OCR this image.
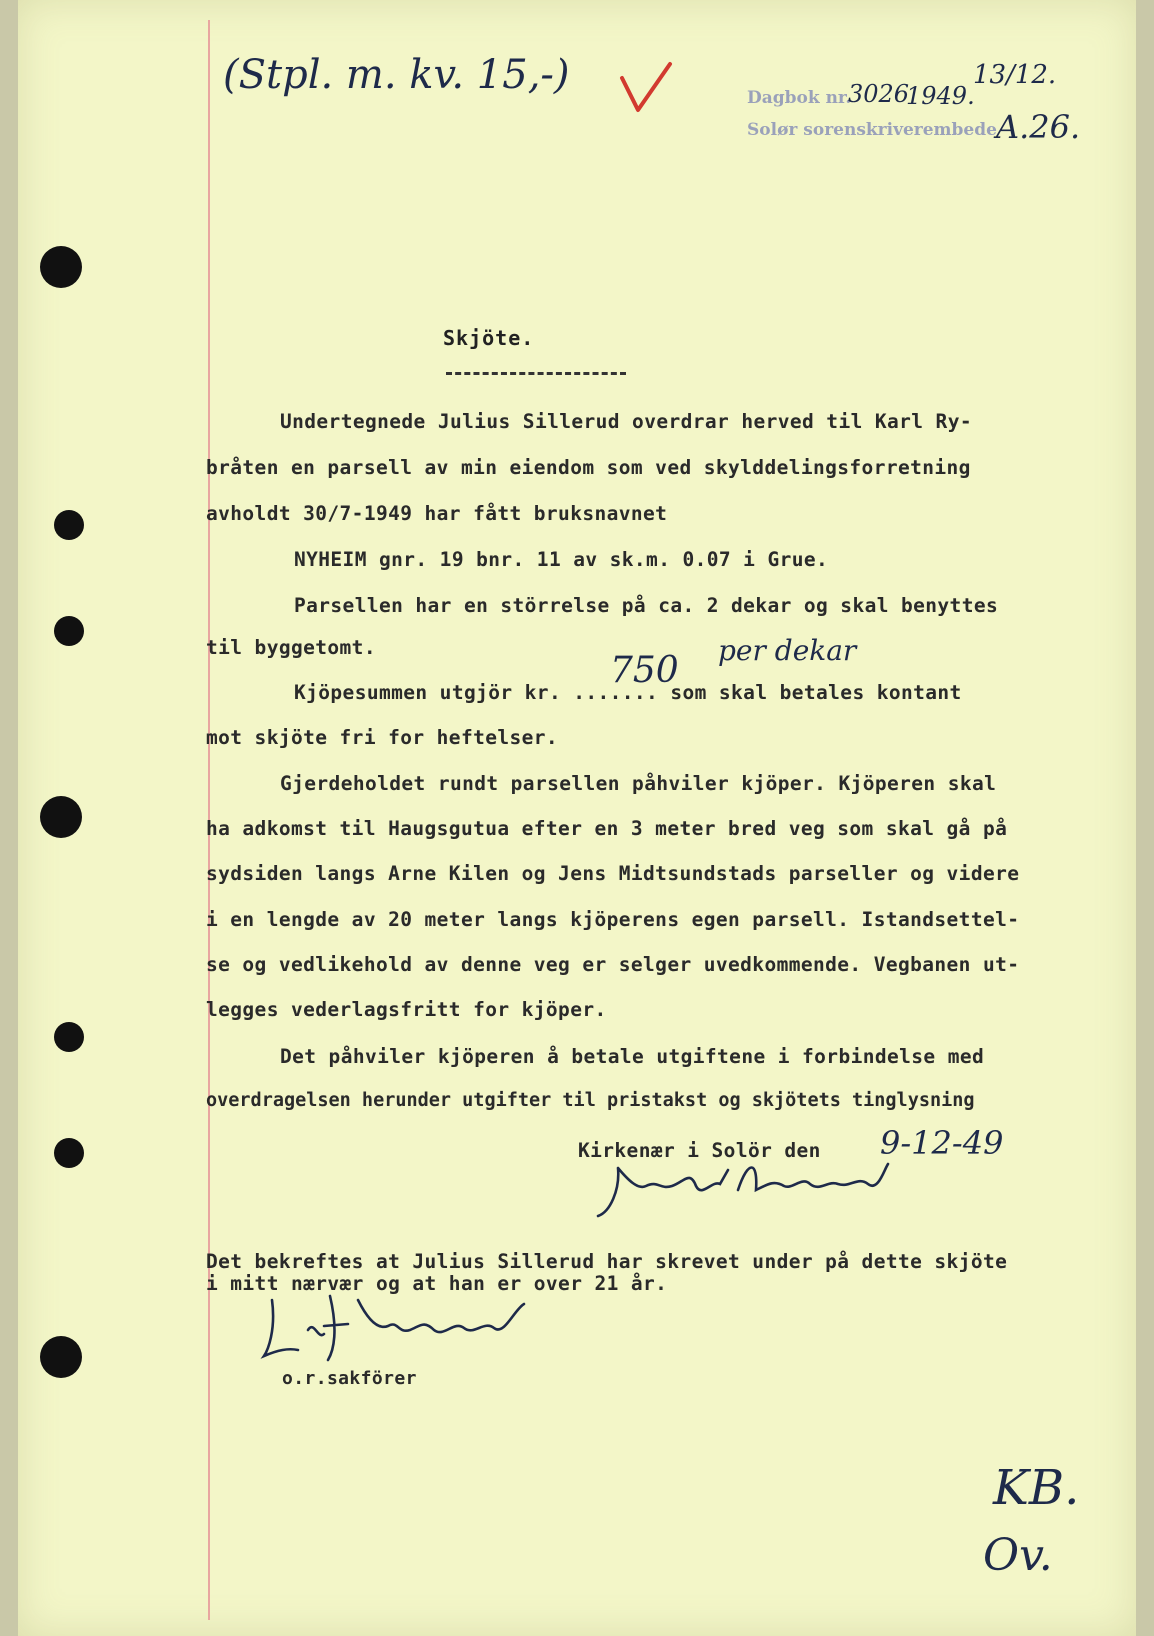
(Stpl. m. kv. 15,-)	Dagbok nr.
3026
1949.
13/12.
Solør sorenskriverembede A.26.
Skjöte.
Undertegnede Julius Sillerud overdrar herved til Karl Ry-
bråten en parsell av min eiendom som ved skylddelingsforretning
avholdt 30/7-1949 har fått bruksnavnet
NYHEIM gnr. 19 bnr. 11 av sk.m. 0.07 i Grue.
Parsellen har en störrelse på ca. 2 dekar og skal benyttes
til byggetomt.
Kjöpesummen utgjör kr. ....... som skal betales kontant
750 per dekar
mot skjöte fri for heftelser.
Gjerdeholdet rundt parsellen påhviler kjöper. Kjöperen skal
ha adkomst til Haugsgutua efter en 3 meter bred veg som skal gå på
sydsiden langs Arne Kilen og Jens Midtsundstads parseller og videre
i en lengde av 20 meter langs kjöperens egen parsell. Istandsettel-
se og vedlikehold av denne veg er selger uvedkommende. Vegbanen ut-
legges vederlagsfritt for kjöper.
Det påhviler kjöperen å betale utgiftene i forbindelse med
overdragelsen herunder utgifter til pristakst og skjötets tinglysning
Kirkenær i Solör den 9-12-49
Det bekreftes at Julius Sillerud har skrevet under på dette skjöte
i mitt nærvær og at han er over 21 år.
o.r.sakförer
KB.
Ov.
